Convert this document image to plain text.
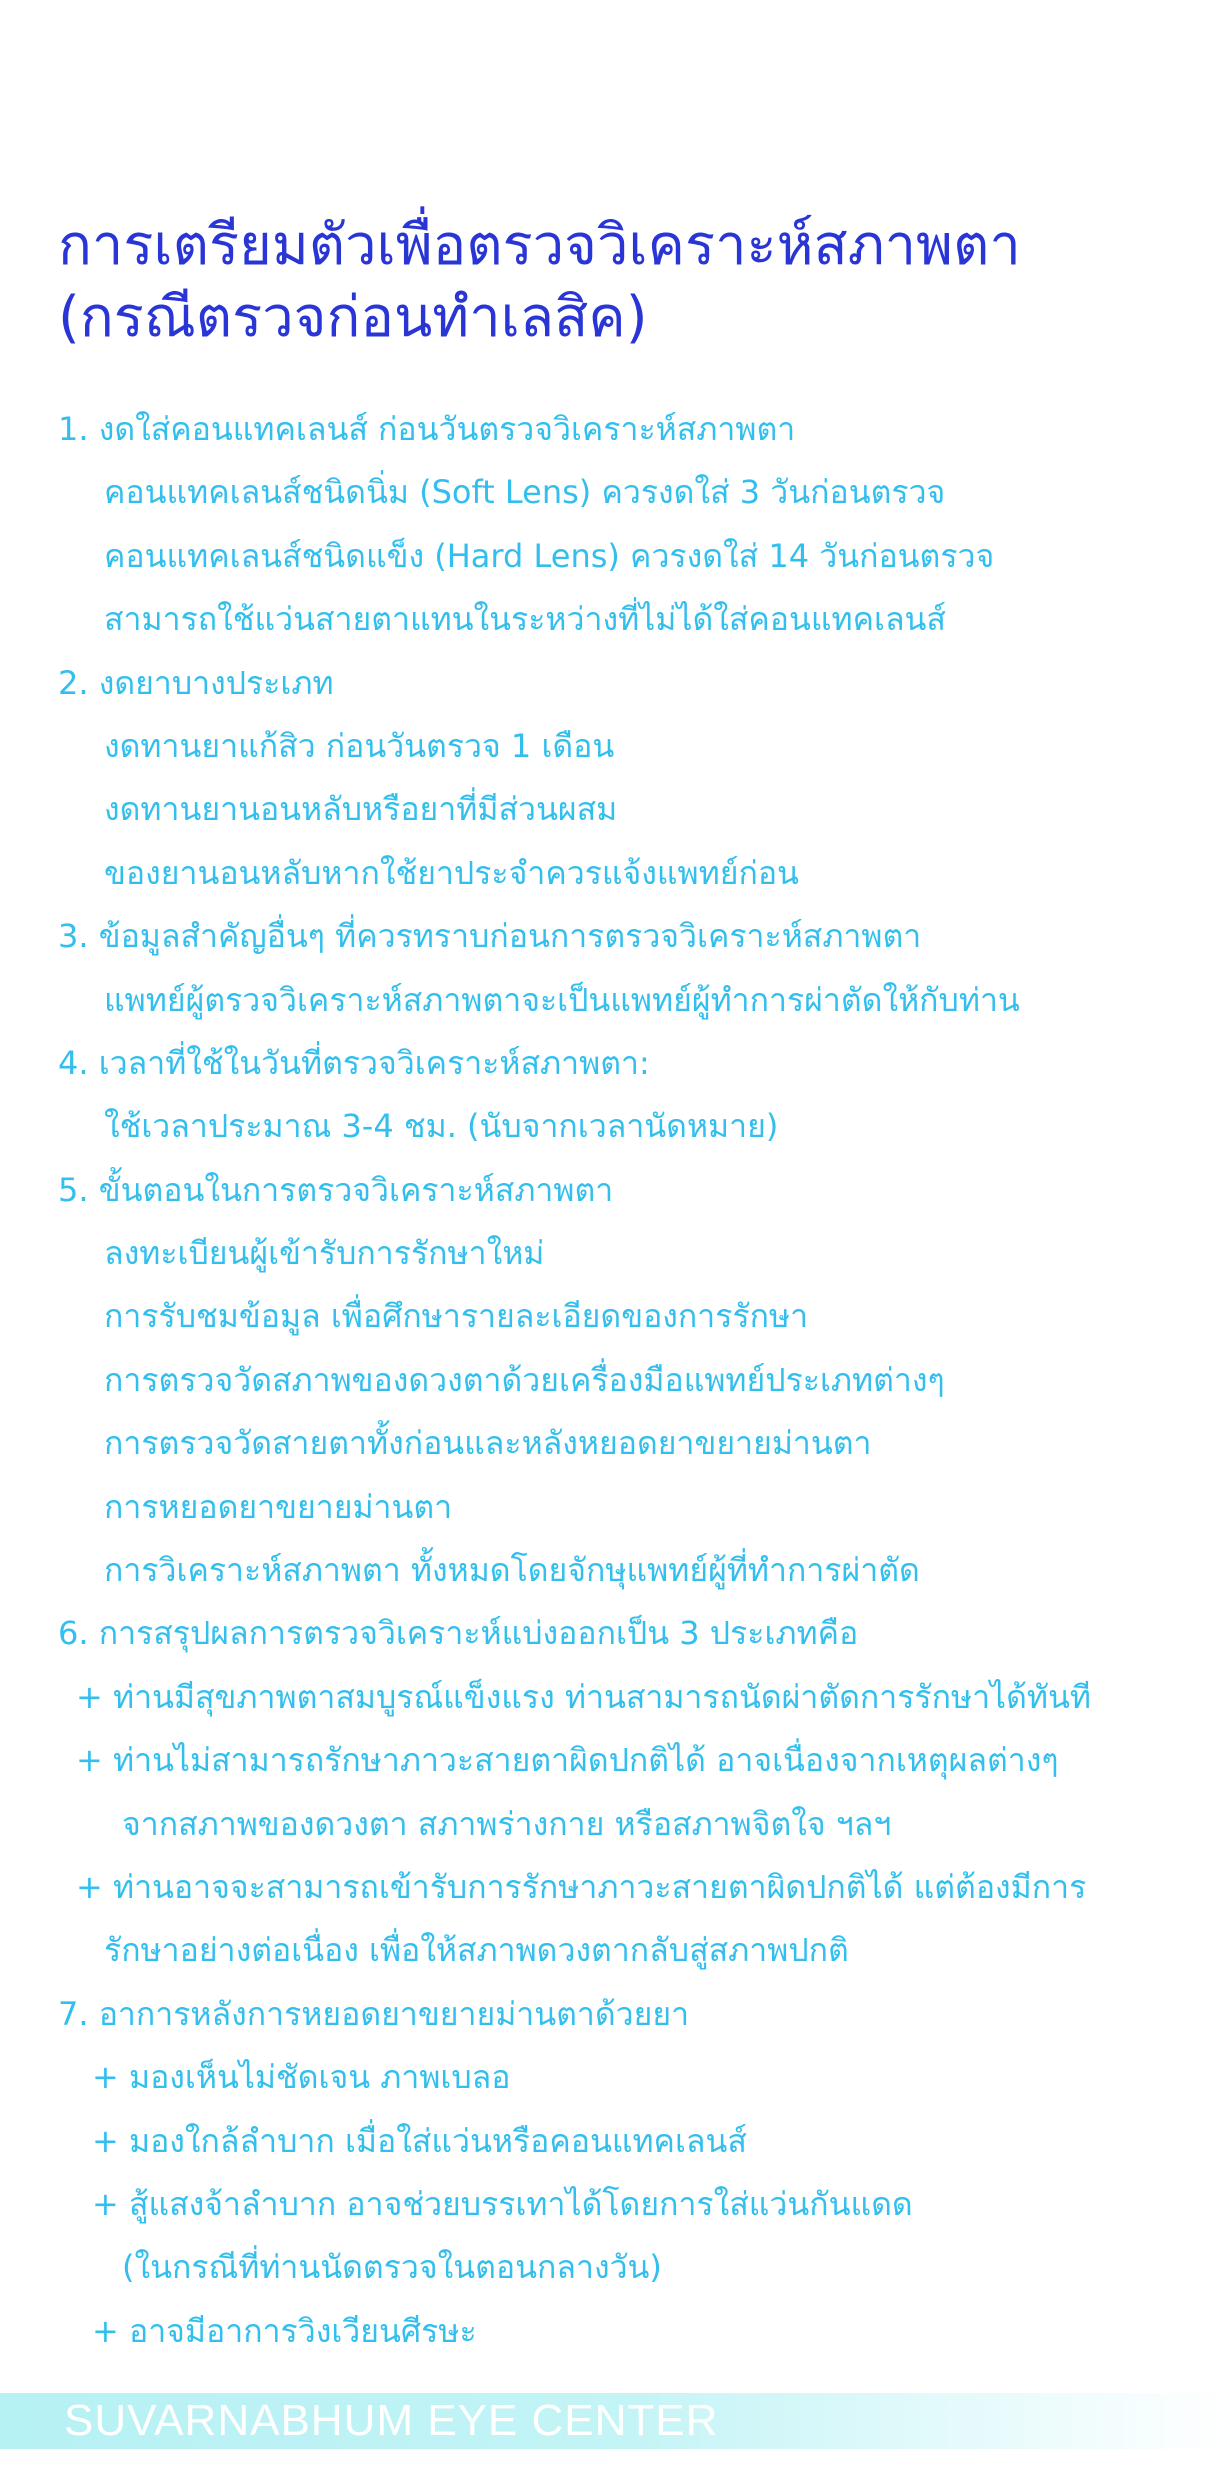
การเตรียมตัวเพื่อตรวจวิเคราะห์สภาพตา
(กรณีตรวจก่อนทำเลสิค)
1. งดใส่คอนแทคเลนส์ ก่อนวันตรวจวิเคราะห์สภาพตา
คอนแทคเลนส์ชนิดนิ่ม (Soft Lens) ควรงดใส่ 3 วันก่อนตรวจ
คอนแทคเลนส์ชนิดแข็ง (Hard Lens) ควรงดใส่ 14 วันก่อนตรวจ
สามารถใช้แว่นสายตาแทนในระหว่างที่ไม่ได้ใส่คอนแทคเลนส์
2. งดยาบางประเภท
งดทานยาแก้สิว ก่อนวันตรวจ 1 เดือน
งดทานยานอนหลับหรือยาที่มีส่วนผสม
ของยานอนหลับหากใช้ยาประจำควรแจ้งแพทย์ก่อน
3. ข้อมูลสำคัญอื่นๆ ที่ควรทราบก่อนการตรวจวิเคราะห์สภาพตา
แพทย์ผู้ตรวจวิเคราะห์สภาพตาจะเป็นแพทย์ผู้ทำการผ่าตัดให้กับท่าน
4. เวลาที่ใช้ในวันที่ตรวจวิเคราะห์สภาพตา:
ใช้เวลาประมาณ 3-4 ชม. (นับจากเวลานัดหมาย)
5. ขั้นตอนในการตรวจวิเคราะห์สภาพตา
ลงทะเบียนผู้เข้ารับการรักษาใหม่
การรับชมข้อมูล เพื่อศึกษารายละเอียดของการรักษา
การตรวจวัดสภาพของดวงตาด้วยเครื่องมือแพทย์ประเภทต่างๆ
การตรวจวัดสายตาทั้งก่อนและหลังหยอดยาขยายม่านตา
การหยอดยาขยายม่านตา
การวิเคราะห์สภาพตา ทั้งหมดโดยจักษุแพทย์ผู้ที่ทำการผ่าตัด
6. การสรุปผลการตรวจวิเคราะห์แบ่งออกเป็น 3 ประเภทคือ
+ ท่านมีสุขภาพตาสมบูรณ์แข็งแรง ท่านสามารถนัดผ่าตัดการรักษาได้ทันที
+ ท่านไม่สามารถรักษาภาวะสายตาผิดปกติได้ อาจเนื่องจากเหตุผลต่างๆ
จากสภาพของดวงตา สภาพร่างกาย หรือสภาพจิตใจ ฯลฯ
+ ท่านอาจจะสามารถเข้ารับการรักษาภาวะสายตาผิดปกติได้ แต่ต้องมีการ
รักษาอย่างต่อเนื่อง เพื่อให้สภาพดวงตากลับสู่สภาพปกติ
7. อาการหลังการหยอดยาขยายม่านตาด้วยยา
+ มองเห็นไม่ชัดเจน ภาพเบลอ
+ มองใกล้ลำบาก เมื่อใส่แว่นหรือคอนแทคเลนส์
+ สู้แสงจ้าลำบาก อาจช่วยบรรเทาได้โดยการใส่แว่นกันแดด
(ในกรณีที่ท่านนัดตรวจในตอนกลางวัน)
+ อาจมีอาการวิงเวียนศีรษะ
SUVARNABHUM EYE CENTER
